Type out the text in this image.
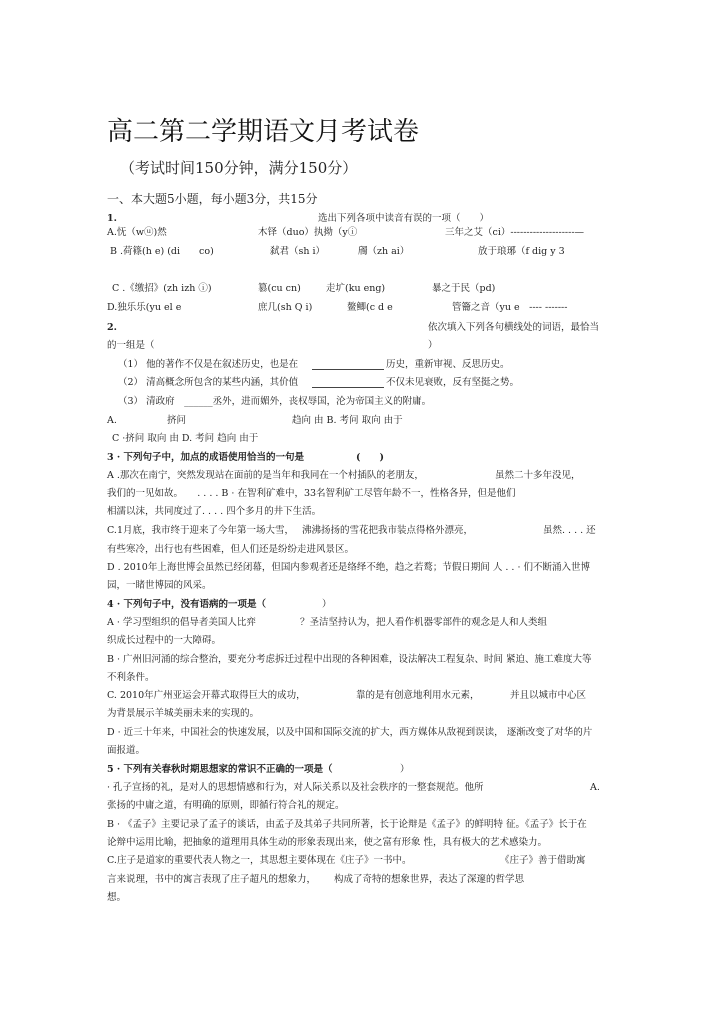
高二第二学期语文月考试卷
（考试时间150分钟，满分150分）
一、本大题5小题，每小题3分，共15分
1.	选出下列各项中读音有误的一项（　　）
A.怃（wⓤ)然	木铎（duo）执拗（yⓘ	三年之艾（ci）--------------------—
B .荷篠(h e) (di　　co)	弑君（sh i）	斶（zh ai）	放于琅琊（f dig y 3
C .《缴招》(zh izh ⓘ)	篡(cu cn)	走圹(ku eng)	暴之于民（pd)
D.独乐乐(yu el e	庶几(sh Q i)	鳌鲫(c d e	管籥之音（yu e　---- -------
2.	依次填入下列各句横线处的词语，最恰当
的一组是（	）
（1） 他的著作不仅是在叙述历史，也是在	历史，重新审视、反思历史。
（2） 清高概念所包含的某些内涵，其价值	不仅未见衰败，反有坚挺之势。
（3） 清政府　______丞外，进而媚外，丧权辱国，沦为帝国主义的附庸。
A.	挤问	趋向 由 B. 考问 取向 由于
C ·挤问 取向 由 D. 考问 趋向 由于
3 · 下列句子中，加点的成语使用恰当的一句是	(　　)
A .那次在南宁，突然发现站在面前的是当年和我同在一个村插队的老朋友，	虽然二十多年没见，
我们的一见如故。　　. . . . B · 在智利矿难中，33名智利矿工尽管年龄不一，性格各异，但是他们
相濡以沫，共同度过了. . . . 四个多月的井下生活。
C.1月底，我市终于迎来了今年第一场大雪， 沸沸扬扬的雪花把我市装点得格外漂亮，	虽然. . . . 还
有些寒冷，出行也有些困难，但人们还是纷纷走进风景区。
D . 2010年上海世博会虽然已经闭幕，但国内参观者还是络绎不绝，趋之若鹜；节假日期间 人 . . · 们不断涌入世博
园，一睹世博园的风采。
4 · 下列句子中，没有语病的一项是（	）
A · 学习型组织的倡导者美国人比弈	？圣洁坚持认为，把人看作机器零部件的观念是人和人类组
织成长过程中的一大障碍。
B · 广州旧河涌的综合整治，要充分考虑拆迁过程中出现的各种困难，设法解决工程复杂、时间 紧迫、施工难度大等
不利条件。
C. 2010年广州亚运会开幕式取得巨大的成功，	靠的是有创意地利用水元素，	并且以城市中心区
为背景展示羊城美丽未来的实现的。
D · 近三十年来，中国社会的快速发展，以及中国和国际交流的扩大，西方媒体从敌视到误读， 逐渐改变了对华的片
面报道。
5 · 下列有关春秋时期思想家的常识不正确的一项是（	）
· 孔子宣扬的礼，是对人的思想情感和行为，对人际关系以及社会秩序的一整套规范。他所	A.
张扬的中庸之道，有明确的原则，即循行符合礼的规定。
B · 《孟子》主要记录了孟子的谈话，由孟子及其弟子共同所著，长于论辩是《孟子》的鲜明特 征。《孟子》长于在
论辩中运用比喻，把抽象的道理用具体生动的形象表现出来，使之富有形象 性，具有极大的艺术感染力。
C.庄子是道家的重要代表人物之一，其思想主要体现在《庄子》一书中。	《庄子》善于借助寓
言来说理，书中的寓言表现了庄子超凡的想象力， 构成了奇特的想象世界，表达了深邃的哲学思
想。
